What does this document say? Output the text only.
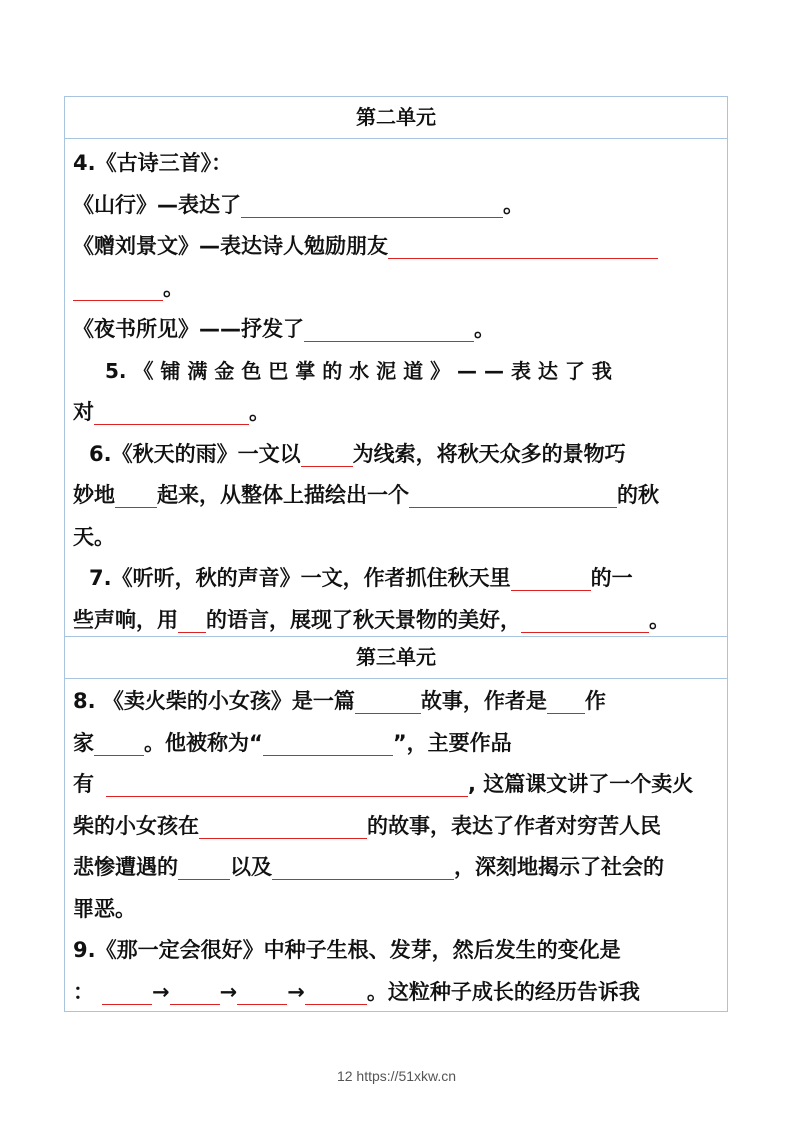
第二单元
4.《古诗三首》：
《山行》—表达了	。
《赠刘景文》—表达诗人勉励朋友
。
《夜书所见》——抒发了	。
5. 《 铺 满 金 色 巴 掌 的 水 泥 道 》 — — 表 达 了 我
对	。
6.《秋天的雨》一文以 为线索，将秋天众多的景物巧
妙地 起来，从整体上描绘出一个	的秋
天。
7.《听听，秋的声音》一文，作者抓住秋天里	的一
些声响，用 的语言，展现了秋天景物的美好，	。
第三单元
8. 《卖火柴的小女孩》是一篇	故事，作者是 作
家 。他被称为“	”，主要作品
有	, 这篇课文讲了一个卖火
柴的小女孩在	的故事，表达了作者对穷苦人民
悲惨遭遇的 以及	，深刻地揭示了社会的
罪恶。
9.《那一定会很好》中种子生根、发芽，然后发生的变化是
：	→ → →	。这粒种子成长的经历告诉我
12 https://51xkw.cn
